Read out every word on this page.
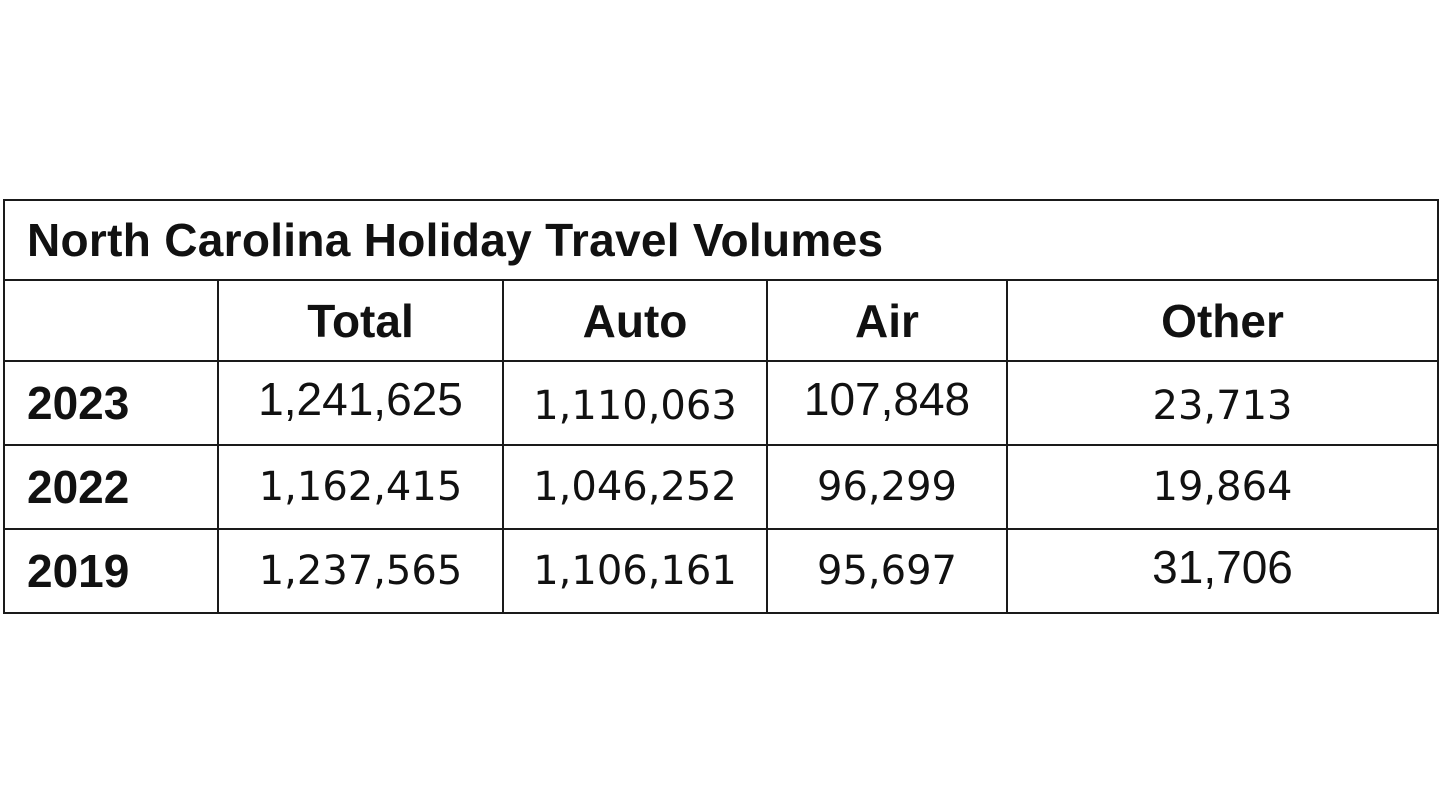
North Carolina Holiday Travel Volumes				
	Total	Auto	Air	Other
2023	1,241,625	1,110,063	107,848	23,713
2022	1,162,415	1,046,252	96,299	19,864
2019	1,237,565	1,106,161	95,697	31,706
